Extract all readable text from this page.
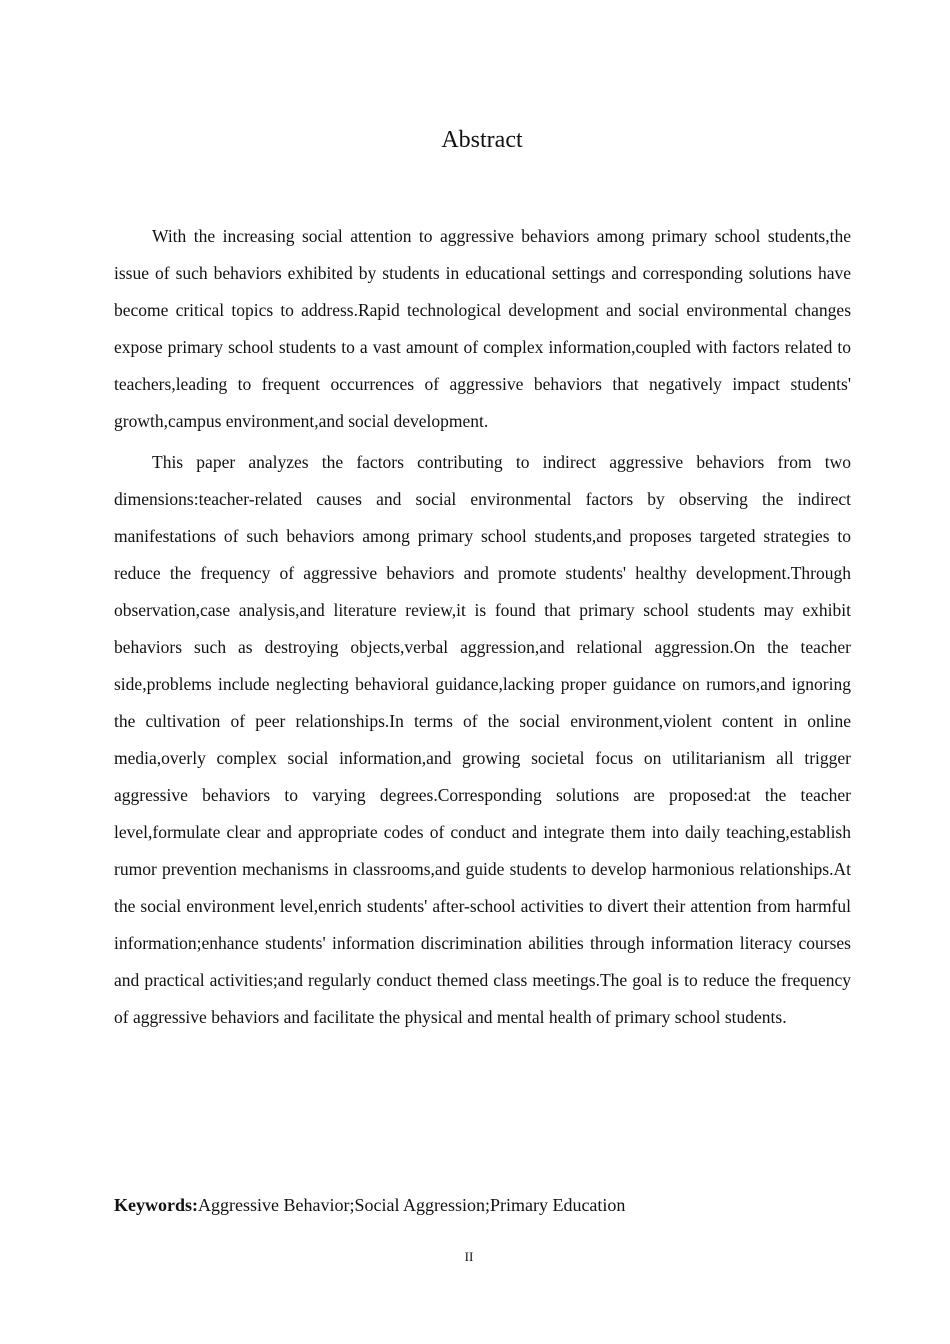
Abstract

With the increasing social attention to aggressive behaviors among primary school students,the issue of such behaviors exhibited by students in educational settings and corresponding solutions have become critical topics to address.Rapid technological development and social environmental changes expose primary school students to a vast amount of complex information,coupled with factors related to teachers,leading to frequent occurrences of aggressive behaviors that negatively impact students' growth,campus environment,and social development.

This paper analyzes the factors contributing to indirect aggressive behaviors from two dimensions:teacher-related causes and social environmental factors by observing the indirect manifestations of such behaviors among primary school students,and proposes targeted strategies to reduce the frequency of aggressive behaviors and promote students' healthy development.Through observation,case analysis,and literature review,it is found that primary school students may exhibit behaviors such as destroying objects,verbal aggression,and relational aggression.On the teacher side,problems include neglecting behavioral guidance,lacking proper guidance on rumors,and ignoring the cultivation of peer relationships.In terms of the social environment,violent content in online media,overly complex social information,and growing societal focus on utilitarianism all trigger aggressive behaviors to varying degrees.Corresponding solutions are proposed:at the teacher level,formulate clear and appropriate codes of conduct and integrate them into daily teaching,establish rumor prevention mechanisms in classrooms,and guide students to develop harmonious relationships.At the social environment level,enrich students' after-school activities to divert their attention from harmful information;enhance students' information discrimination abilities through information literacy courses and practical activities;and regularly conduct themed class meetings.The goal is to reduce the frequency of aggressive behaviors and facilitate the physical and mental health of primary school students.

Keywords:Aggressive Behavior;Social Aggression;Primary Education
II
